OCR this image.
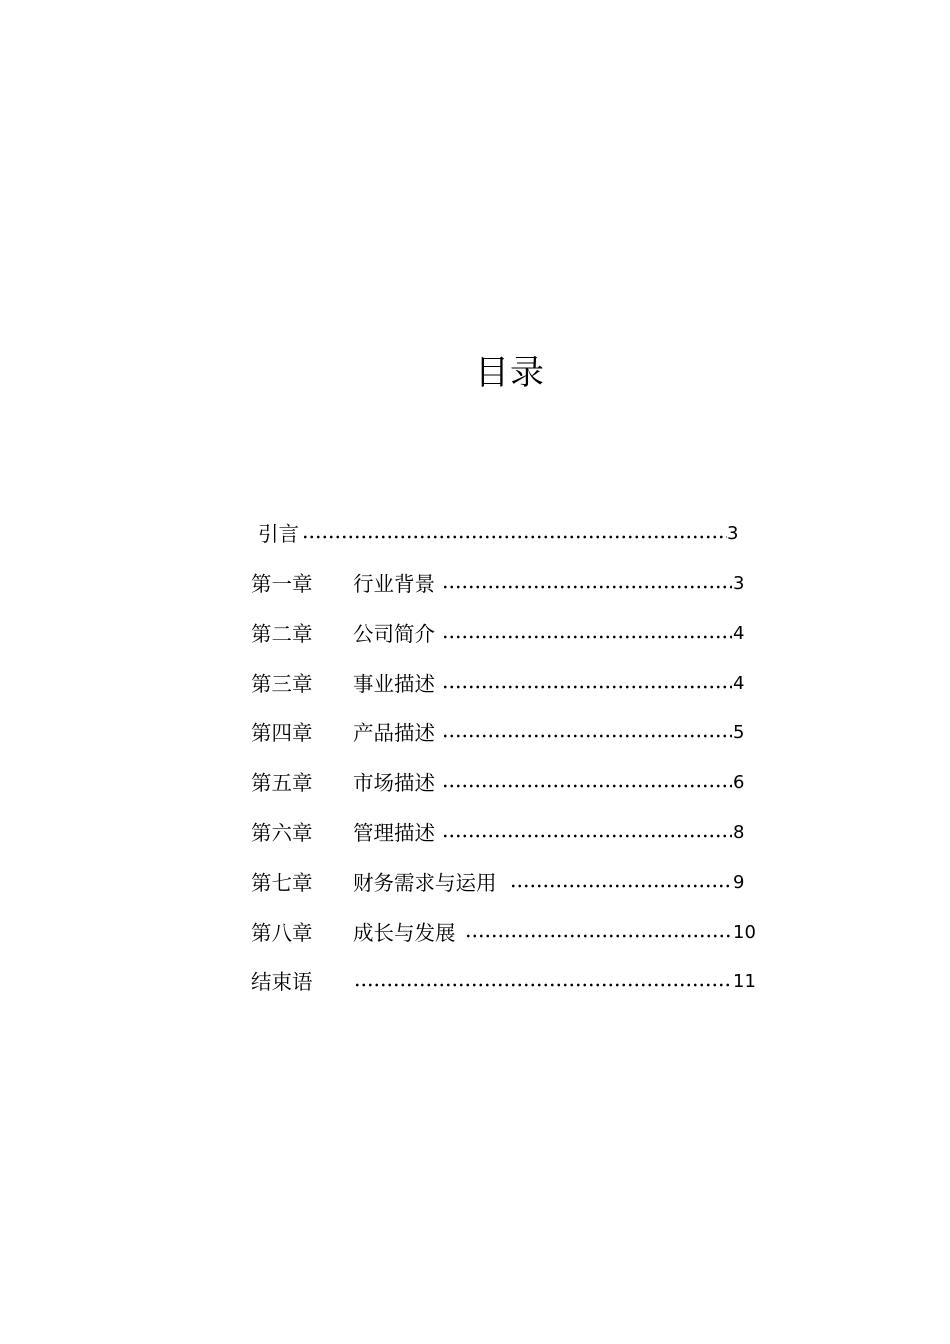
目录
引言	3
第一章 行业背景	3
第二章 公司简介	4
第三章 事业描述	4
第四章 产品描述	5
第五章 市场描述	6
第六章 管理描述	8
第七章 财务需求与运用	9
第八章 成长与发展	10
结束语	11
